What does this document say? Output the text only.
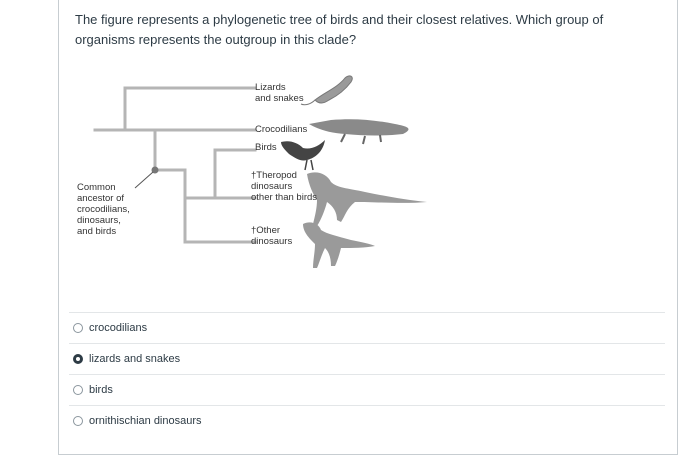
The figure represents a phylogenetic tree of birds and their closest relatives. Which group of organisms represents the outgroup in this clade?

Lizards
and snakes
Crocodilians
Birds
†Theropod
dinosaurs
other than birds
†Other
dinosaurs
Common
ancestor of
crocodilians,
dinosaurs,
and birds
crocodilians
lizards and snakes
birds
ornithischian dinosaurs
